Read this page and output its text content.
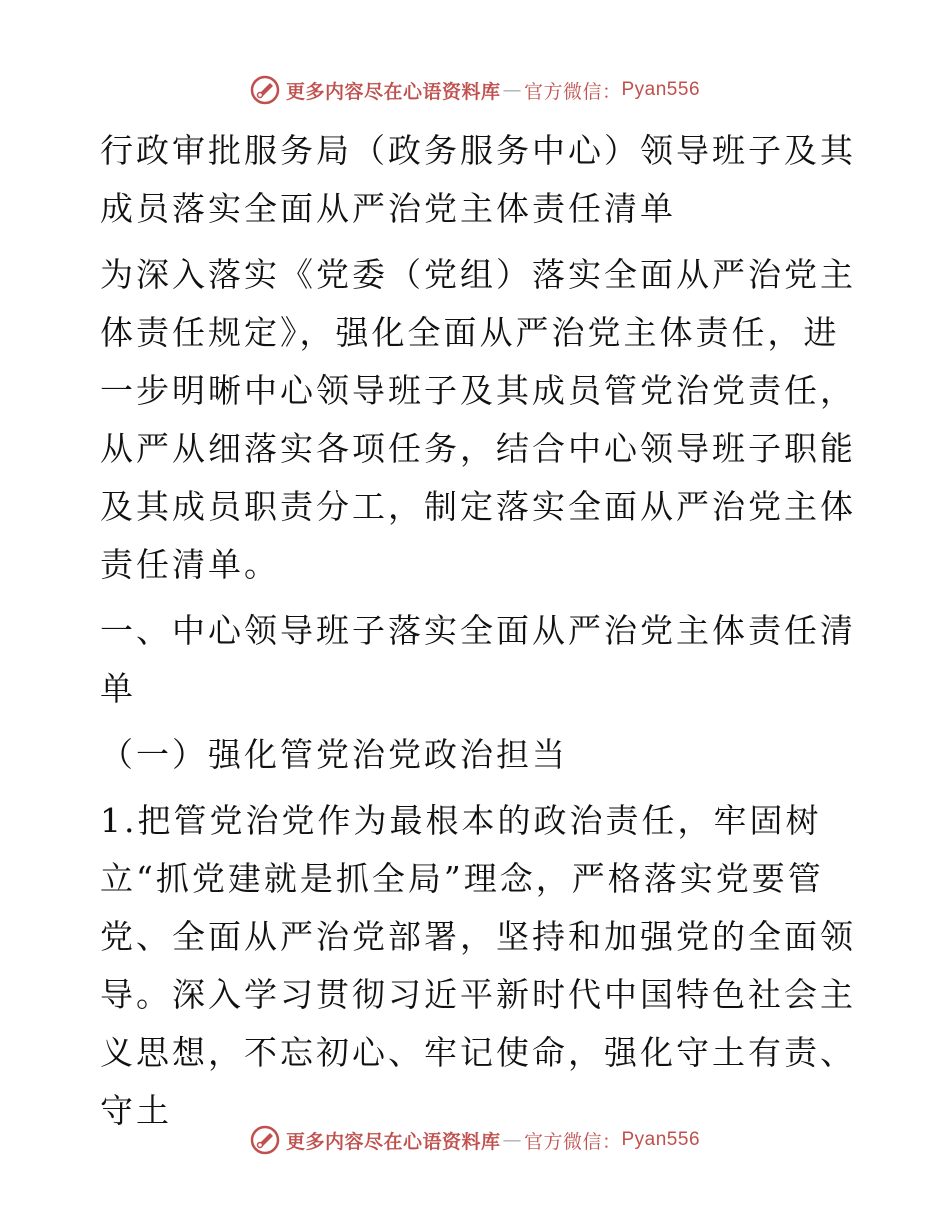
更多内容尽在心语资料库 — 官方微信： Pyan556

行政审批服务局（政务服务中心）领导班子及其成员落实全面从严治党主体责任清单

为深入落实《党委（党组）落实全面从严治党主体责任规定》，强化全面从严治党主体责任，进一步明晰中心领导班子及其成员管党治党责任，从严从细落实各项任务，结合中心领导班子职能及其成员职责分工，制定落实全面从严治党主体责任清单。

一、中心领导班子落实全面从严治党主体责任清单

（一）强化管党治党政治担当

1.把管党治党作为最根本的政治责任，牢固树立“抓党建就是抓全局”理念，严格落实党要管党、全面从严治党部署，坚持和加强党的全面领导。深入学习贯彻习近平新时代中国特色社会主义思想，不忘初心、牢记使命，强化守土有责、守土

更多内容尽在心语资料库 — 官方微信： Pyan556
